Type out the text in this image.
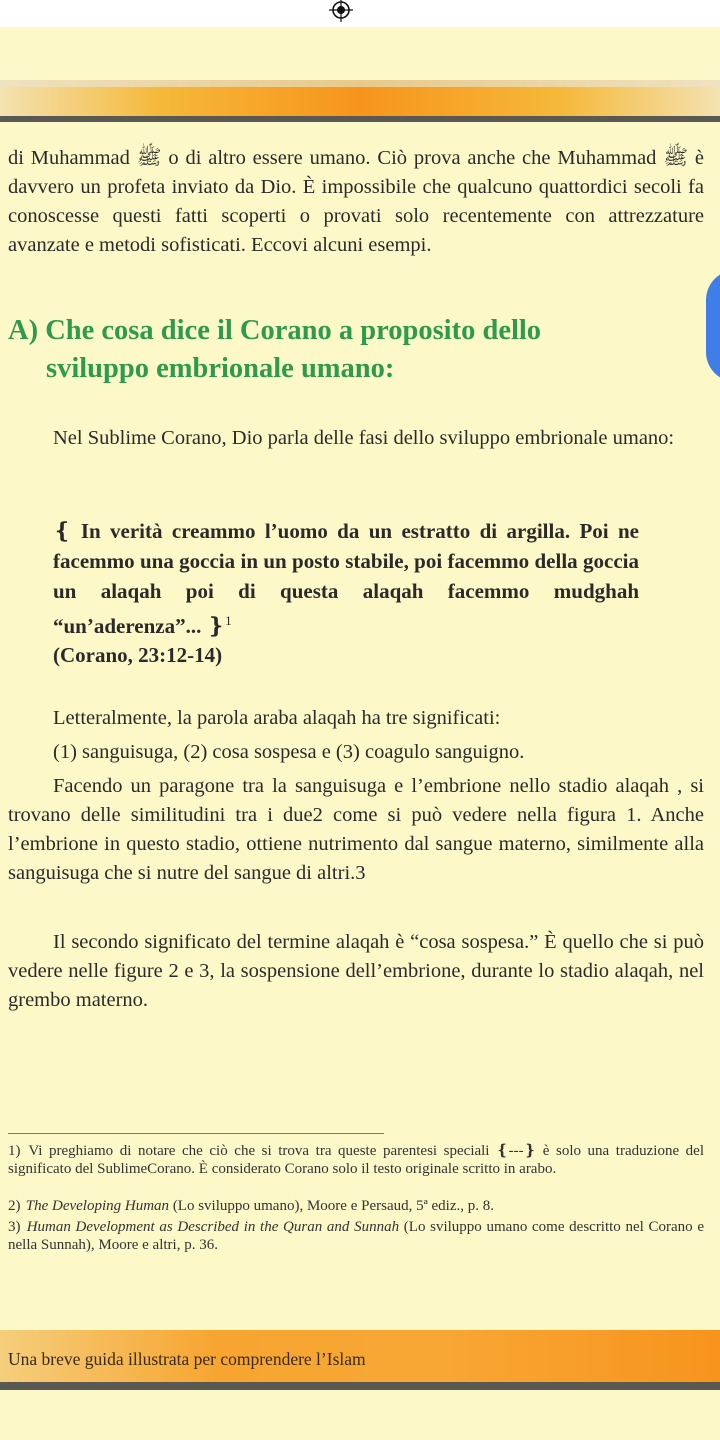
di Muhammad ﷺ o di altro essere umano. Ciò prova anche che Muhammad ﷺ è davvero un profeta inviato da Dio. È impossibile che qualcuno quattordici secoli fa conoscesse questi fatti scoperti o provati solo recentemente con attrezzature avanzate e metodi sofisticati. Eccovi alcuni esempi.

A) Che cosa dice il Corano a proposito dello
sviluppo embrionale umano:

Nel Sublime Corano, Dio parla delle fasi dello sviluppo embrionale umano:

❴ In verità creammo l’uomo da un estratto di argilla. Poi ne facemmo una goccia in un posto stabile, poi facemmo della goccia un alaqah poi di questa alaqah facemmo mudghah “un’aderenza”... ❵$^1$

(Corano, 23:12-14)

Letteralmente, la parola araba alaqah ha tre significati:

(1) sanguisuga, (2) cosa sospesa e (3) coagulo sanguigno.

Facendo un paragone tra la sanguisuga e l’embrione nello stadio alaqah , si trovano delle similitudini tra i due2 come si può vedere nella figura 1. Anche l’embrione in questo stadio, ottiene nutrimento dal sangue materno, similmente alla sanguisuga che si nutre del sangue di altri.3

Il secondo significato del termine alaqah è “cosa sospesa.” È quello che si può vedere nelle figure 2 e 3, la sospensione dell’embrione, durante lo stadio alaqah, nel grembo materno.

1) Vi preghiamo di notare che ciò che si trova tra queste parentesi speciali ❴---❵ è solo una traduzione del significato del SublimeCorano. È considerato Corano solo il testo originale scritto in arabo.

2) The Developing Human (Lo sviluppo umano), Moore e Persaud, 5ª ediz., p. 8.

3) Human Development as Described in the Quran and Sunnah (Lo sviluppo umano come descritto nel Corano e nella Sunnah), Moore e altri, p. 36.

Una breve guida illustrata per comprendere l’Islam
